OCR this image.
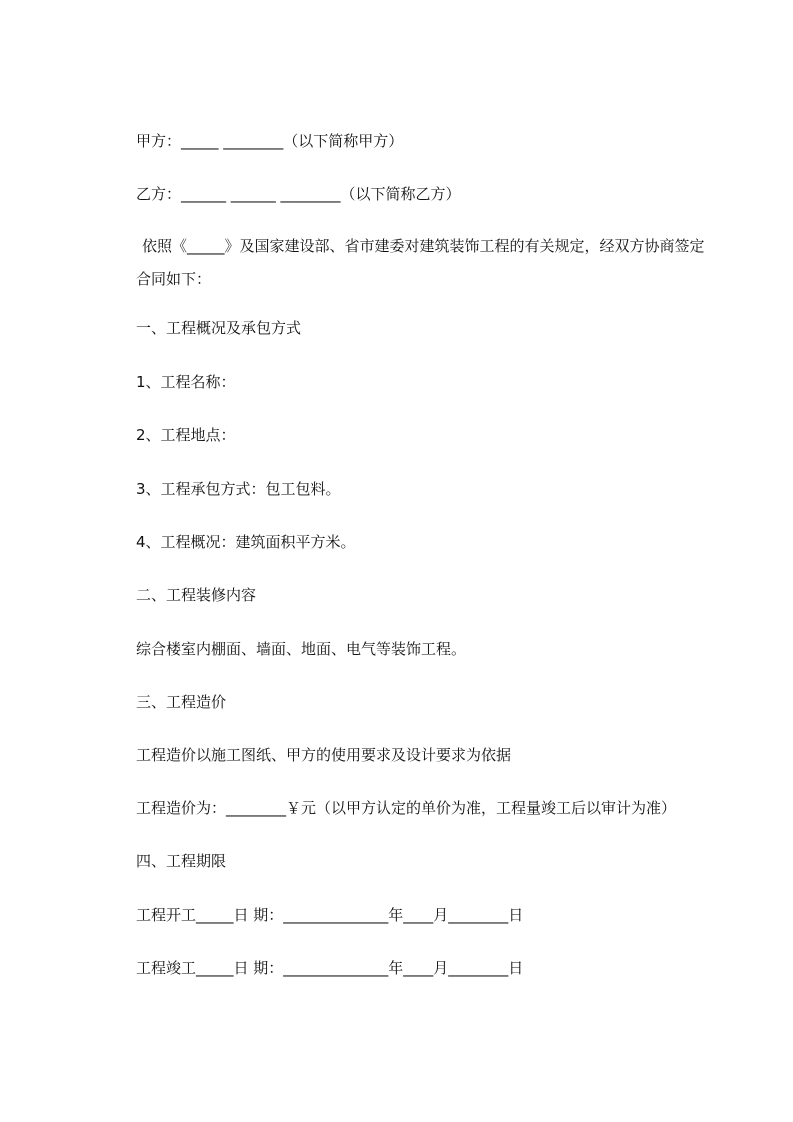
甲方：_____ ________（以下简称甲方）
乙方：______ ______ ________（以下简称乙方）
依照《_____》及国家建设部、省市建委对建筑装饰工程的有关规定，经双方协商签定合同如下：
一、工程概况及承包方式
1、工程名称：
2、工程地点：
3、工程承包方式：包工包料。
4、工程概况：建筑面积平方米。
二、工程装修内容
综合楼室内棚面、墙面、地面、电气等装饰工程。
三、工程造价
工程造价以施工图纸、甲方的使用要求及设计要求为依据
工程造价为：________￥元（以甲方认定的单价为准，工程量竣工后以审计为准）
四、工程期限
工程开工_____日 期：______________年____月________日
工程竣工_____日 期：______________年____月________日
